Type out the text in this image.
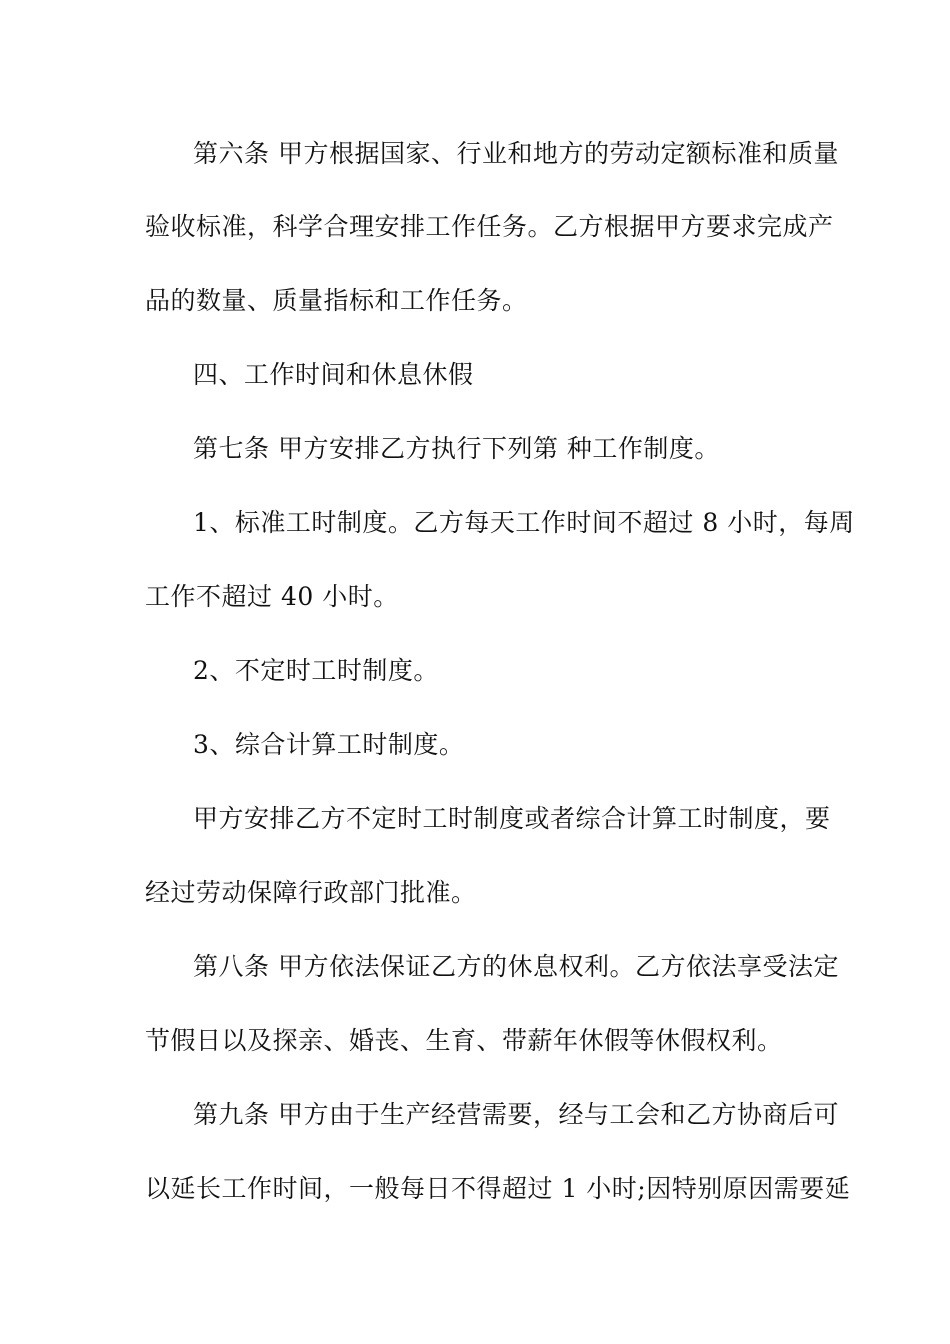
第六条 甲方根据国家、行业和地方的劳动定额标准和质量
验收标准，科学合理安排工作任务。乙方根据甲方要求完成产
品的数量、质量指标和工作任务。
四、工作时间和休息休假
第七条 甲方安排乙方执行下列第 种工作制度。
1、标准工时制度。乙方每天工作时间不超过 8 小时，每周
工作不超过 40 小时。
2、不定时工时制度。
3、综合计算工时制度。
甲方安排乙方不定时工时制度或者综合计算工时制度，要
经过劳动保障行政部门批准。
第八条 甲方依法保证乙方的休息权利。乙方依法享受法定
节假日以及探亲、婚丧、生育、带薪年休假等休假权利。
第九条 甲方由于生产经营需要，经与工会和乙方协商后可
以延长工作时间，一般每日不得超过 1 小时;因特别原因需要延
